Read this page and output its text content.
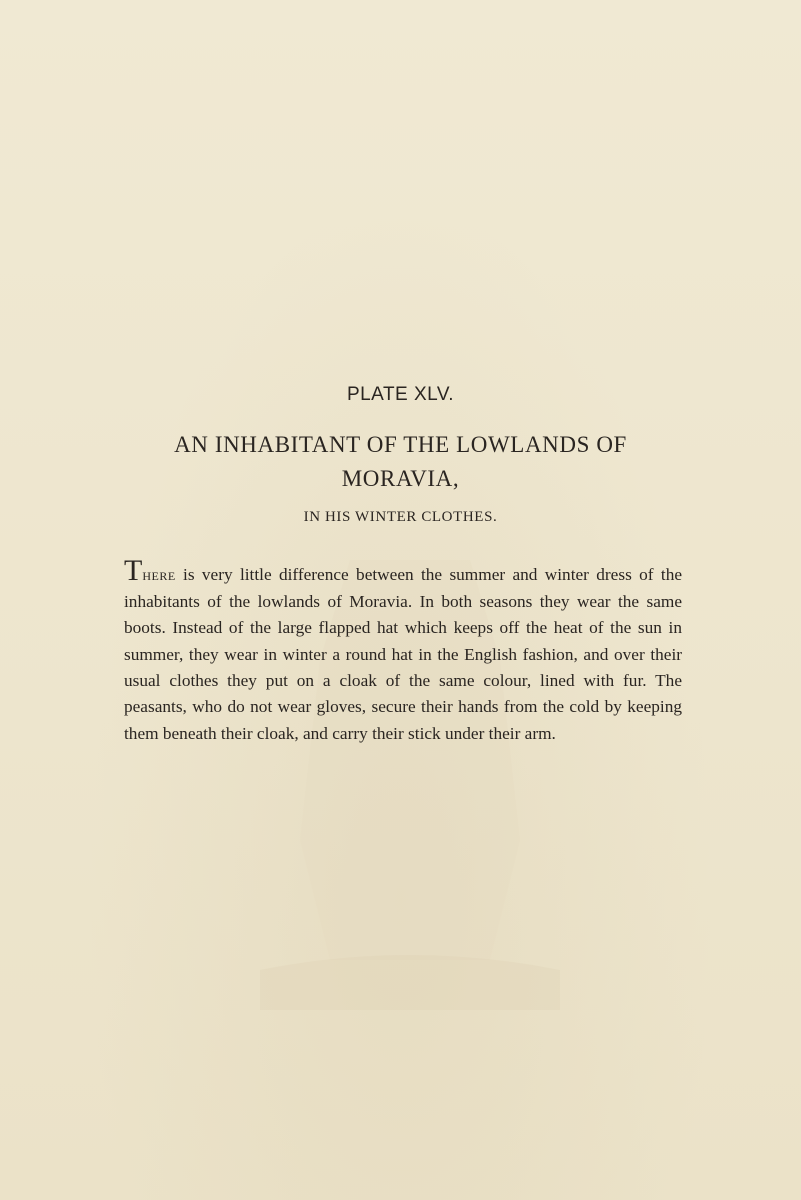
PLATE XLV.
AN INHABITANT OF THE LOWLANDS OF
MORAVIA,
IN HIS WINTER CLOTHES.

There is very little difference between the summer and winter dress of the inhabitants of the lowlands of Moravia. In both seasons they wear the same boots. Instead of the large flapped hat which keeps off the heat of the sun in summer, they wear in winter a round hat in the English fashion, and over their usual clothes they put on a cloak of the same colour, lined with fur. The peasants, who do not wear gloves, secure their hands from the cold by keeping them beneath their cloak, and carry their stick under their arm.
